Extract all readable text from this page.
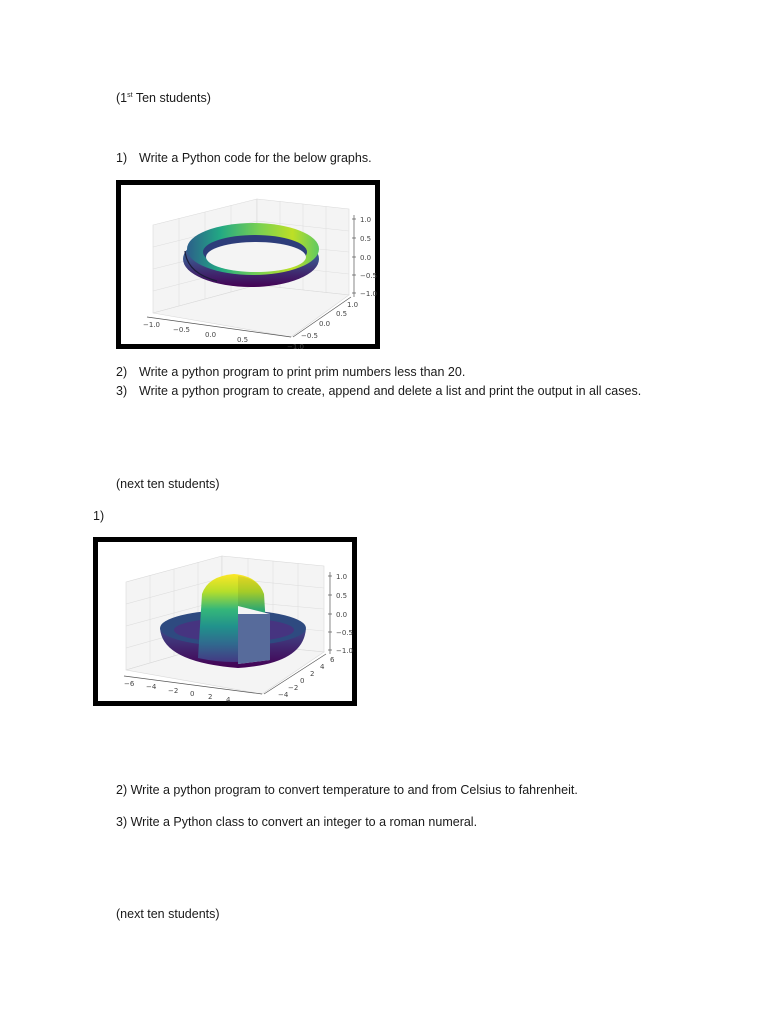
(1st Ten students)
1) Write a Python code for the below graphs.
1.0
0.5
0.0
−0.5
−1.0
1.0
0.5
0.0
−0.5
−1.0
−1.0
−0.5
0.0
0.5
2) Write a python program to print prim numbers less than 20.
3) Write a python program to create, append and delete a list and print the output in all cases.
(next ten students)
1)
1.0
0.5
0.0
−0.5
−1.0
6
4
2
0
−2
−4
−6 −4 −2 0 2 4
2) Write a python program to convert temperature to and from Celsius to fahrenheit.
3) Write a Python class to convert an integer to a roman numeral.
(next ten students)
